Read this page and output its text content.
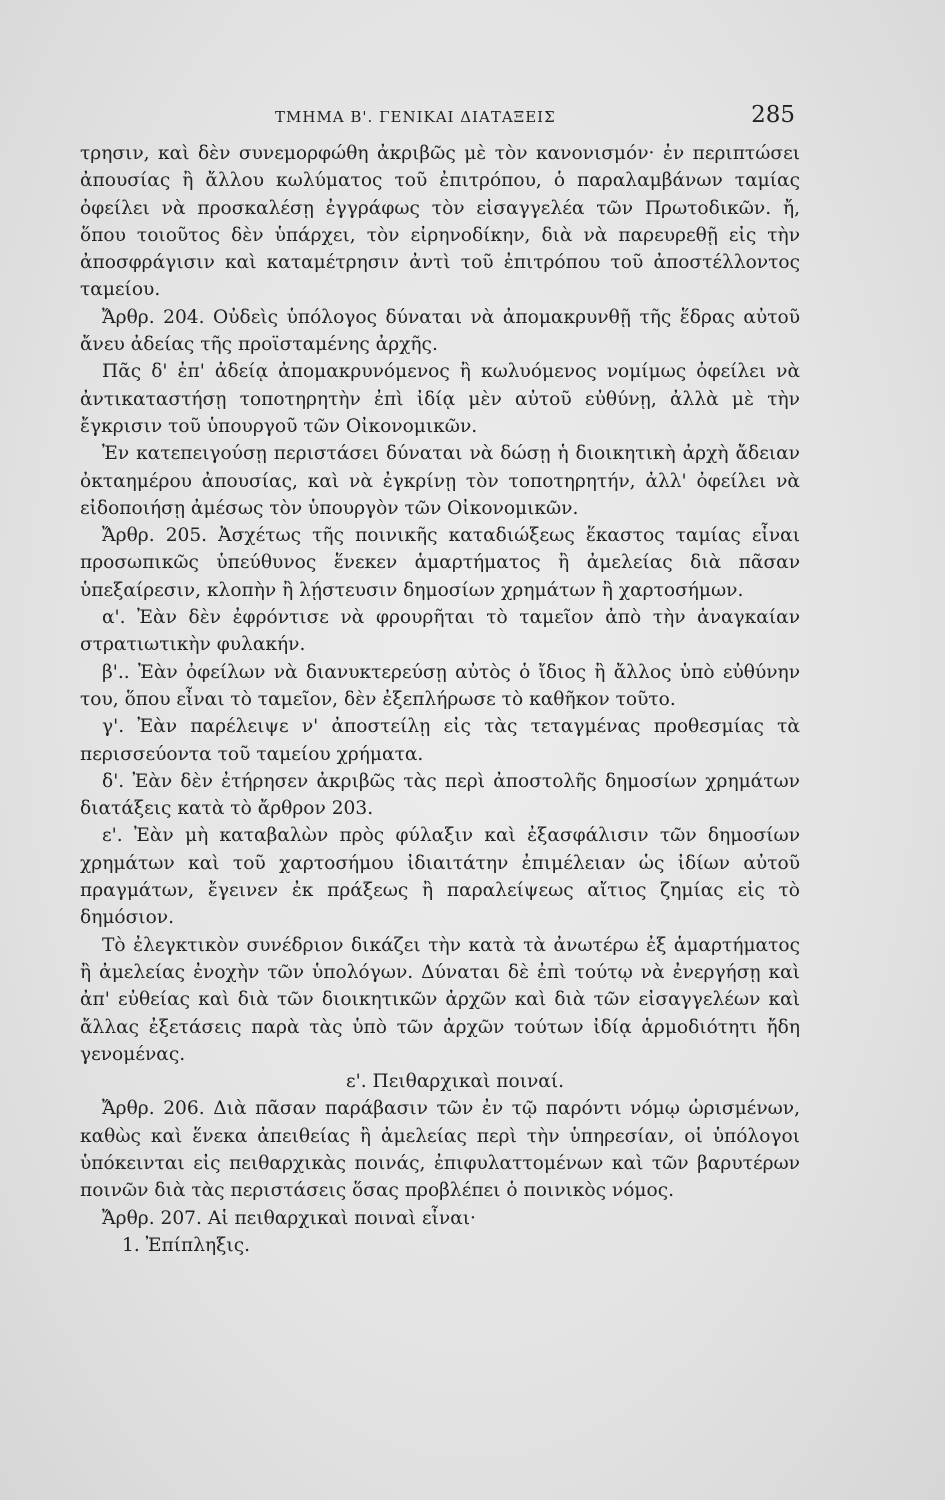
ΤΜΗΜΑ Β'. ΓΕΝΙΚΑΙ ΔΙΑΤΑΞΕΙΣ	285

τρησιν, καὶ δὲν συνεμορφώθη ἀκριβῶς μὲ τὸν κανονισμόν· ἐν περιπτώσει ἀπουσίας ἢ ἄλλου κωλύματος τοῦ ἐπιτρόπου, ὁ παραλαμβάνων ταμίας ὀφείλει νὰ προσκαλέσῃ ἐγγράφως τὸν εἰσαγγελέα τῶν Πρωτοδικῶν. ἤ, ὅπου τοιοῦτος δὲν ὑπάρχει, τὸν εἰρηνοδίκην, διὰ νὰ παρευρεθῇ εἰς τὴν ἀποσφράγισιν καὶ καταμέτρησιν ἀντὶ τοῦ ἐπιτρόπου τοῦ ἀποστέλλοντος ταμείου.

Ἄρθρ. 204. Οὐδεὶς ὑπόλογος δύναται νὰ ἀπομακρυνθῇ τῆς ἕδρας αὐτοῦ ἄνευ ἀδείας τῆς προϊσταμένης ἀρχῆς.

Πᾶς δ' ἐπ' ἀδείᾳ ἀπομακρυνόμενος ἢ κωλυόμενος νομίμως ὀφείλει νὰ ἀντικαταστήσῃ τοποτηρητὴν ἐπὶ ἰδίᾳ μὲν αὐτοῦ εὐθύνῃ, ἀλλὰ μὲ τὴν ἔγκρισιν τοῦ ὑπουργοῦ τῶν Οἰκονομικῶν.

Ἐν κατεπειγούσῃ περιστάσει δύναται νὰ δώσῃ ἡ διοικητικὴ ἀρχὴ ἄδειαν ὀκταημέρου ἀπουσίας, καὶ νὰ ἐγκρίνῃ τὸν τοποτηρητήν, ἀλλ' ὀφείλει νὰ εἰδοποιήσῃ ἀμέσως τὸν ὑπουργὸν τῶν Οἰκονομικῶν.

Ἄρθρ. 205. Ἀσχέτως τῆς ποινικῆς καταδιώξεως ἕκαστος ταμίας εἶναι προσωπικῶς ὑπεύθυνος ἕνεκεν ἁμαρτήματος ἢ ἀμελείας διὰ πᾶσαν ὑπεξαίρεσιν, κλοπὴν ἢ λῄστευσιν δημοσίων χρημάτων ἢ χαρτοσήμων.

α'. Ἐὰν δὲν ἐφρόντισε νὰ φρουρῆται τὸ ταμεῖον ἀπὸ τὴν ἀναγκαίαν στρατιωτικὴν φυλακήν.

β'.. Ἐὰν ὀφείλων νὰ διανυκτερεύσῃ αὐτὸς ὁ ἴδιος ἢ ἄλλος ὑπὸ εὐθύνην του, ὅπου εἶναι τὸ ταμεῖον, δὲν ἐξεπλήρωσε τὸ καθῆκον τοῦτο.

γ'. Ἐὰν παρέλειψε ν' ἀποστείλῃ εἰς τὰς τεταγμένας προθεσμίας τὰ περισσεύοντα τοῦ ταμείου χρήματα.

δ'. Ἐὰν δὲν ἐτήρησεν ἀκριβῶς τὰς περὶ ἀποστολῆς δημοσίων χρημάτων διατάξεις κατὰ τὸ ἄρθρον 203.

ε'. Ἐὰν μὴ καταβαλὼν πρὸς φύλαξιν καὶ ἐξασφάλισιν τῶν δημοσίων χρημάτων καὶ τοῦ χαρτοσήμου ἰδιαιτάτην ἐπιμέλειαν ὡς ἰδίων αὐτοῦ πραγμάτων, ἔγεινεν ἐκ πράξεως ἢ παραλείψεως αἴτιος ζημίας εἰς τὸ δημόσιον.

Τὸ ἐλεγκτικὸν συνέδριον δικάζει τὴν κατὰ τὰ ἀνωτέρω ἐξ ἁμαρτήματος ἢ ἀμελείας ἐνοχὴν τῶν ὑπολόγων. Δύναται δὲ ἐπὶ τούτῳ νὰ ἐνεργήσῃ καὶ ἀπ' εὐθείας καὶ διὰ τῶν διοικητικῶν ἀρχῶν καὶ διὰ τῶν εἰσαγγελέων καὶ ἄλλας ἐξετάσεις παρὰ τὰς ὑπὸ τῶν ἀρχῶν τούτων ἰδίᾳ ἁρμοδιότητι ἤδη γενομένας.

ε'. Πειθαρχικαὶ ποιναί.

Ἄρθρ. 206. Διὰ πᾶσαν παράβασιν τῶν ἐν τῷ παρόντι νόμῳ ὡρισμένων, καθὼς καὶ ἕνεκα ἀπειθείας ἢ ἀμελείας περὶ τὴν ὑπηρεσίαν, οἱ ὑπόλογοι ὑπόκεινται εἰς πειθαρχικὰς ποινάς, ἐπιφυλαττομένων καὶ τῶν βαρυτέρων ποινῶν διὰ τὰς περιστάσεις ὅσας προβλέπει ὁ ποινικὸς νόμος.

Ἄρθρ. 207. Αἱ πειθαρχικαὶ ποιναὶ εἶναι·

1. Ἐπίπληξις.
